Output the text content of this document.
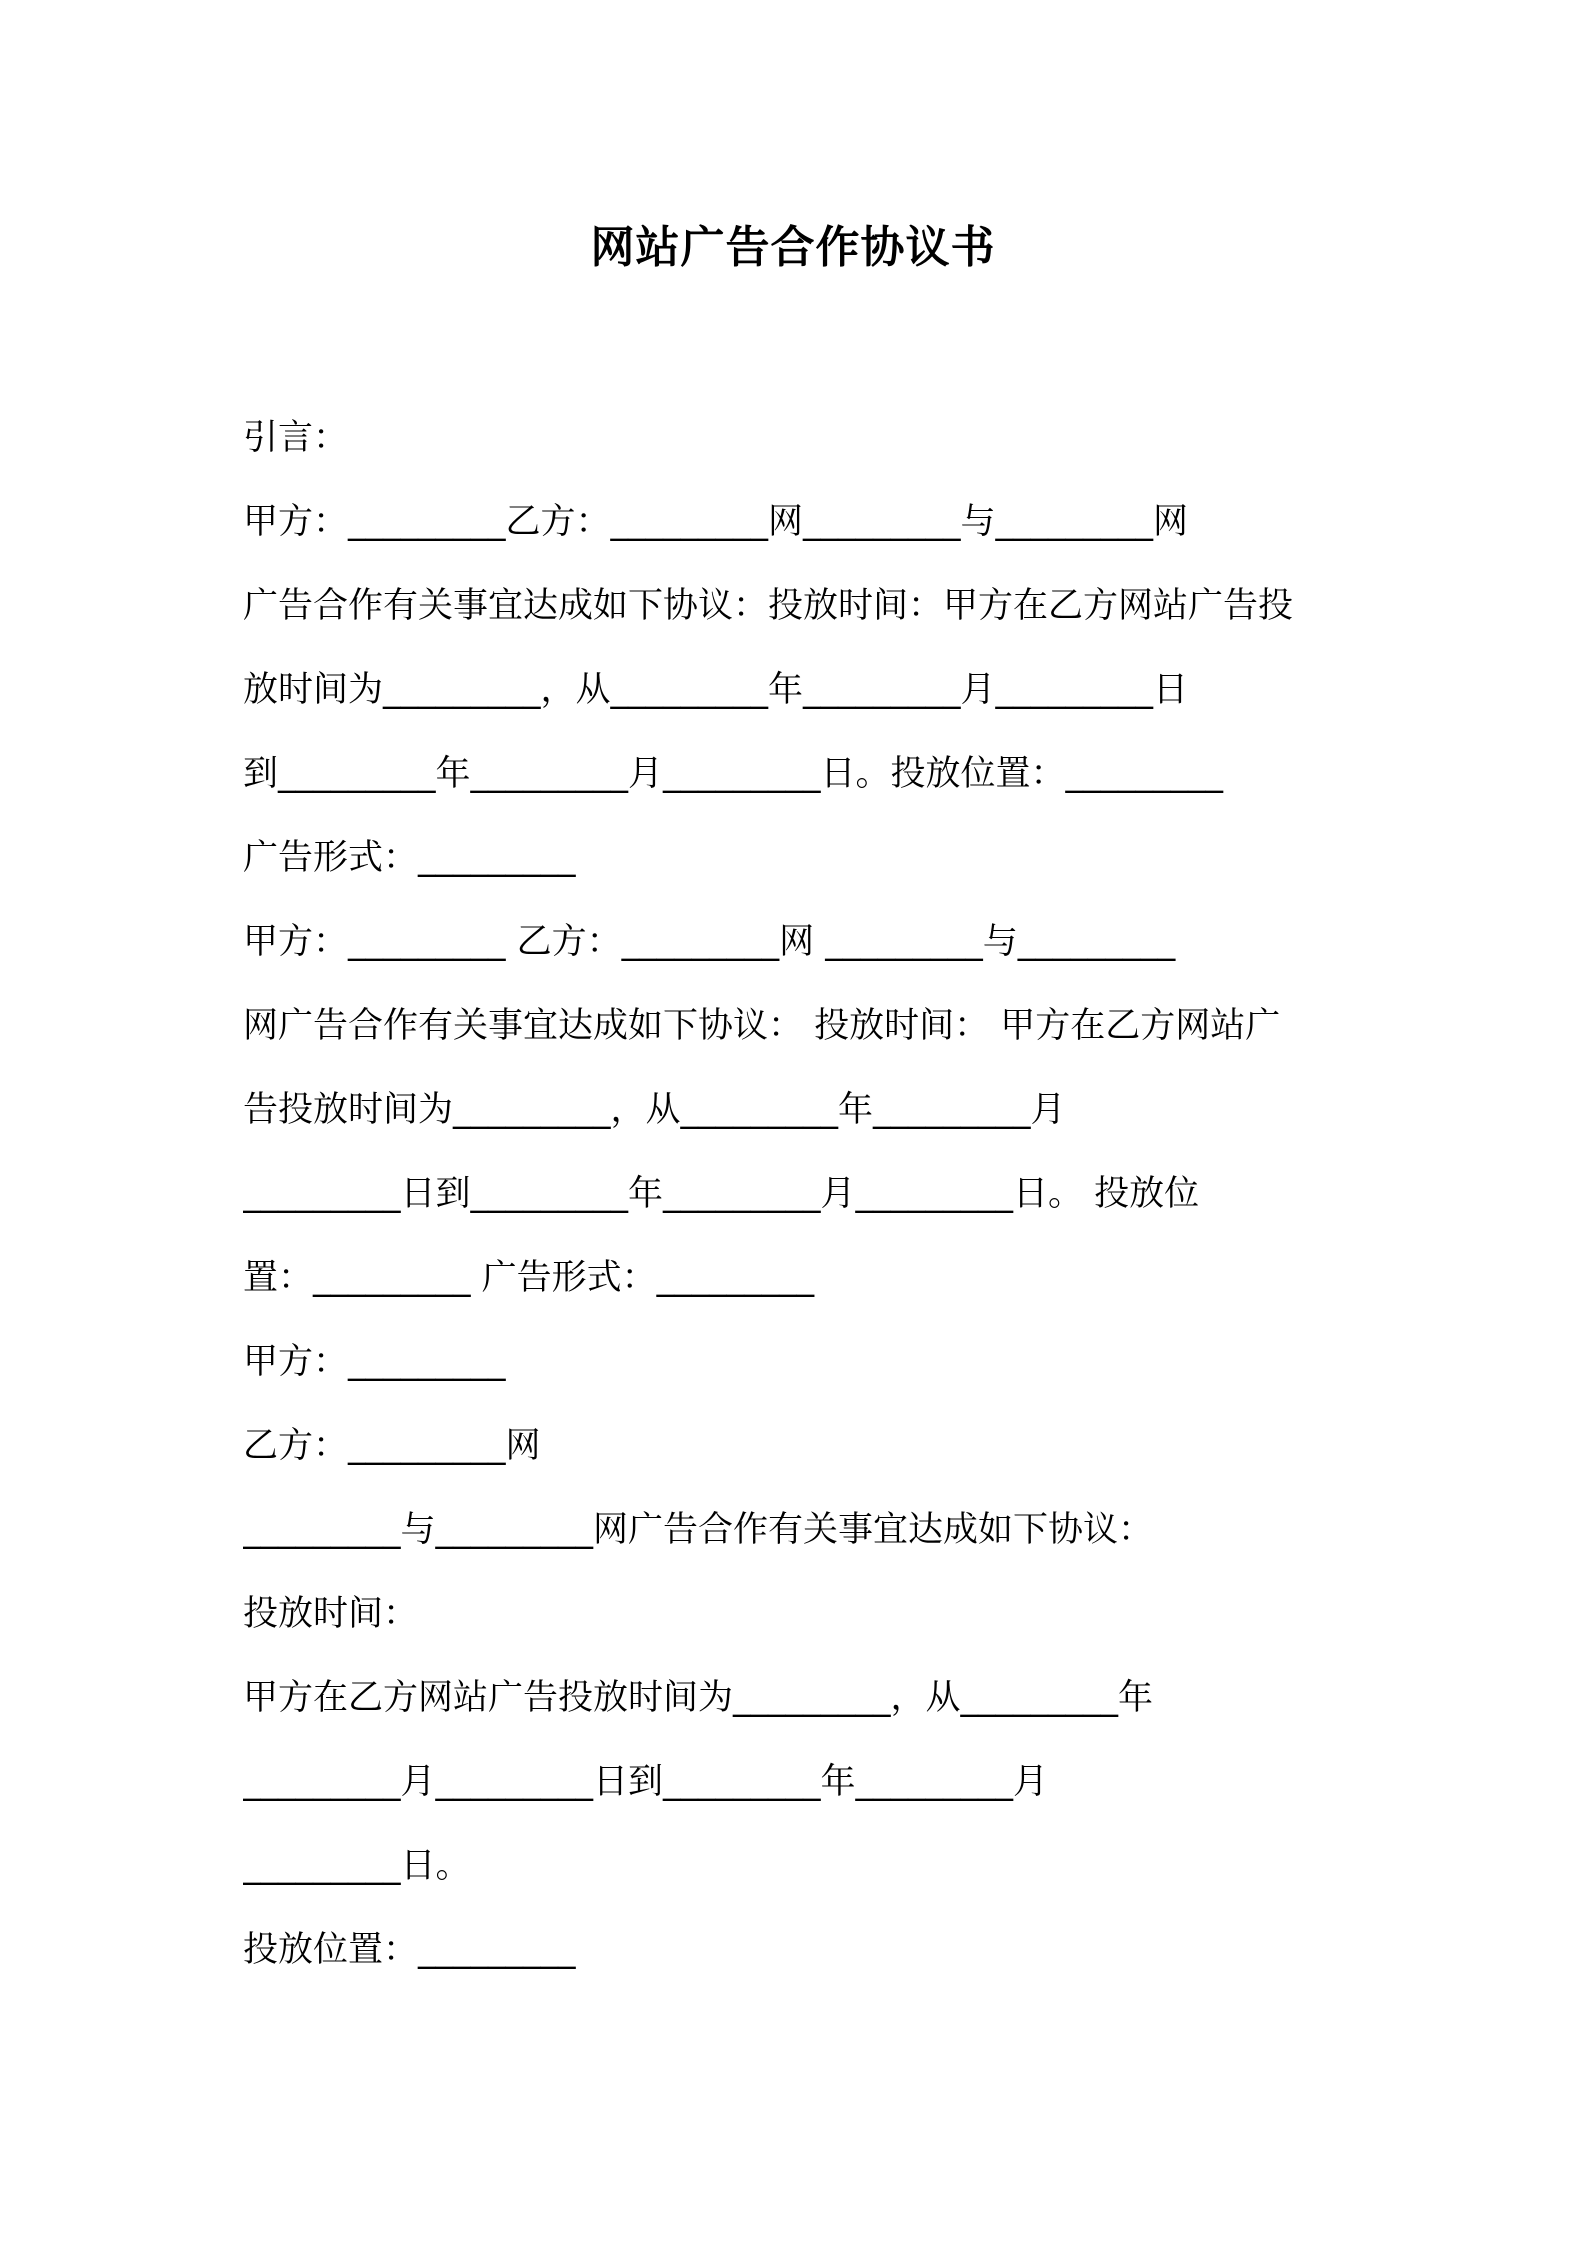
网站广告合作协议书
引言：
甲方：_________乙方：_________网_________与_________网
广告合作有关事宜达成如下协议：投放时间：甲方在乙方网站广告投
放时间为_________，从_________年_________月_________日
到_________年_________月_________日。投放位置：_________
广告形式：_________
甲方：_________ 乙方：_________网 _________与_________
网广告合作有关事宜达成如下协议： 投放时间： 甲方在乙方网站广
告投放时间为_________，从_________年_________月
_________日到_________年_________月_________日。 投放位
置：_________ 广告形式：_________
甲方：_________
乙方：_________网
_________与_________网广告合作有关事宜达成如下协议：
投放时间：
甲方在乙方网站广告投放时间为_________，从_________年
_________月_________日到_________年_________月
_________日。
投放位置：_________
